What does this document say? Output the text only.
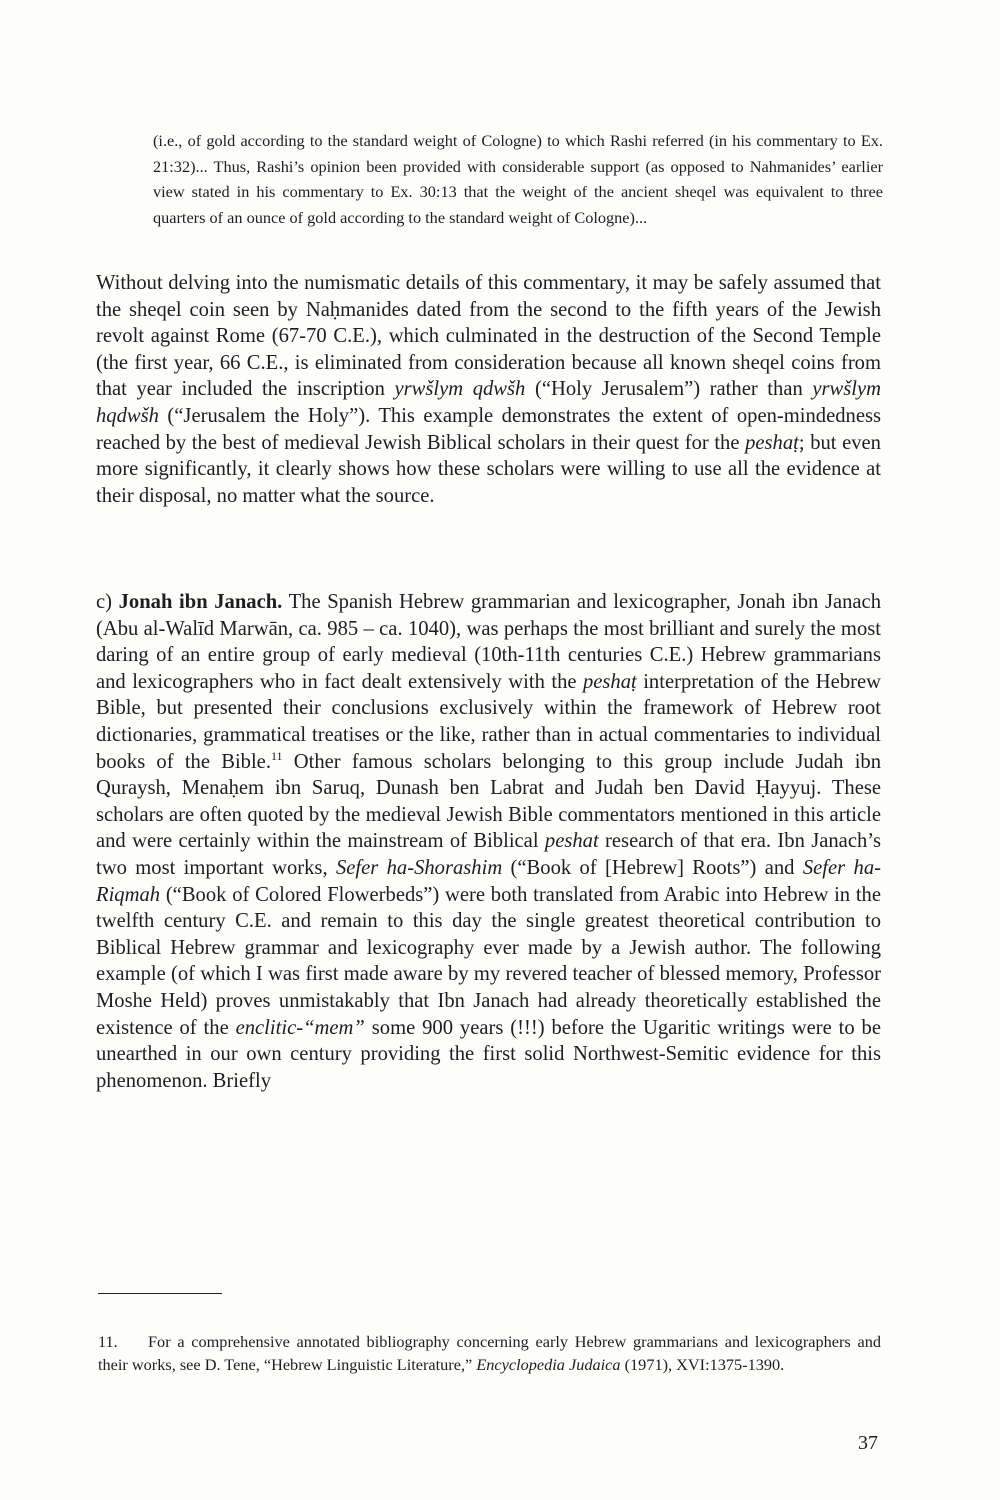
(i.e., of gold according to the standard weight of Cologne) to which Rashi referred (in his commentary to Ex. 21:32)... Thus, Rashi’s opinion been provided with considerable support (as opposed to Nahmanides’ earlier view stated in his commentary to Ex. 30:13 that the weight of the ancient sheqel was equivalent to three quarters of an ounce of gold according to the standard weight of Cologne)...

Without delving into the numismatic details of this commentary, it may be safely assumed that the sheqel coin seen by Naḥmanides dated from the second to the fifth years of the Jewish revolt against Rome (67-70 C.E.), which culminated in the destruction of the Second Temple (the first year, 66 C.E., is eliminated from consideration because all known sheqel coins from that year included the inscription yrwšlym qdwšh (“Holy Jerusalem”) rather than yrwšlym hqdwšh (“Jerusalem the Holy”). This example demonstrates the extent of open-mindedness reached by the best of medieval Jewish Biblical scholars in their quest for the peshaṭ; but even more significantly, it clearly shows how these scholars were willing to use all the evidence at their disposal, no matter what the source.

c) Jonah ibn Janach. The Spanish Hebrew grammarian and lexicographer, Jonah ibn Janach (Abu al-Walīd Marwān, ca. 985 – ca. 1040), was perhaps the most brilliant and surely the most daring of an entire group of early medieval (10th-11th centuries C.E.) Hebrew grammarians and lexicographers who in fact dealt extensively with the peshaṭ interpretation of the Hebrew Bible, but presented their conclusions exclusively within the framework of Hebrew root dictionaries, grammatical treatises or the like, rather than in actual commentaries to individual books of the Bible.$^{11}$ Other famous scholars belonging to this group include Judah ibn Quraysh, Menaḥem ibn Saruq, Dunash ben Labrat and Judah ben David Ḥayyuj. These scholars are often quoted by the medieval Jewish Bible commentators mentioned in this article and were certainly within the mainstream of Biblical peshat research of that era. Ibn Janach’s two most important works, Sefer ha-Shorashim (“Book of [Hebrew] Roots”) and Sefer ha-Riqmah (“Book of Colored Flowerbeds”) were both translated from Arabic into Hebrew in the twelfth century C.E. and remain to this day the single greatest theoretical contribution to Biblical Hebrew grammar and lexicography ever made by a Jewish author. The following example (of which I was first made aware by my revered teacher of blessed memory, Professor Moshe Held) proves unmistakably that Ibn Janach had already theoretically established the existence of the enclitic-“mem” some 900 years (!!!) before the Ugaritic writings were to be unearthed in our own century providing the first solid Northwest-Semitic evidence for this phenomenon. Briefly

11. For a comprehensive annotated bibliography concerning early Hebrew grammarians and lexicographers and their works, see D. Tene, “Hebrew Linguistic Literature,” Encyclopedia Judaica (1971), XVI:1375-1390.

37
